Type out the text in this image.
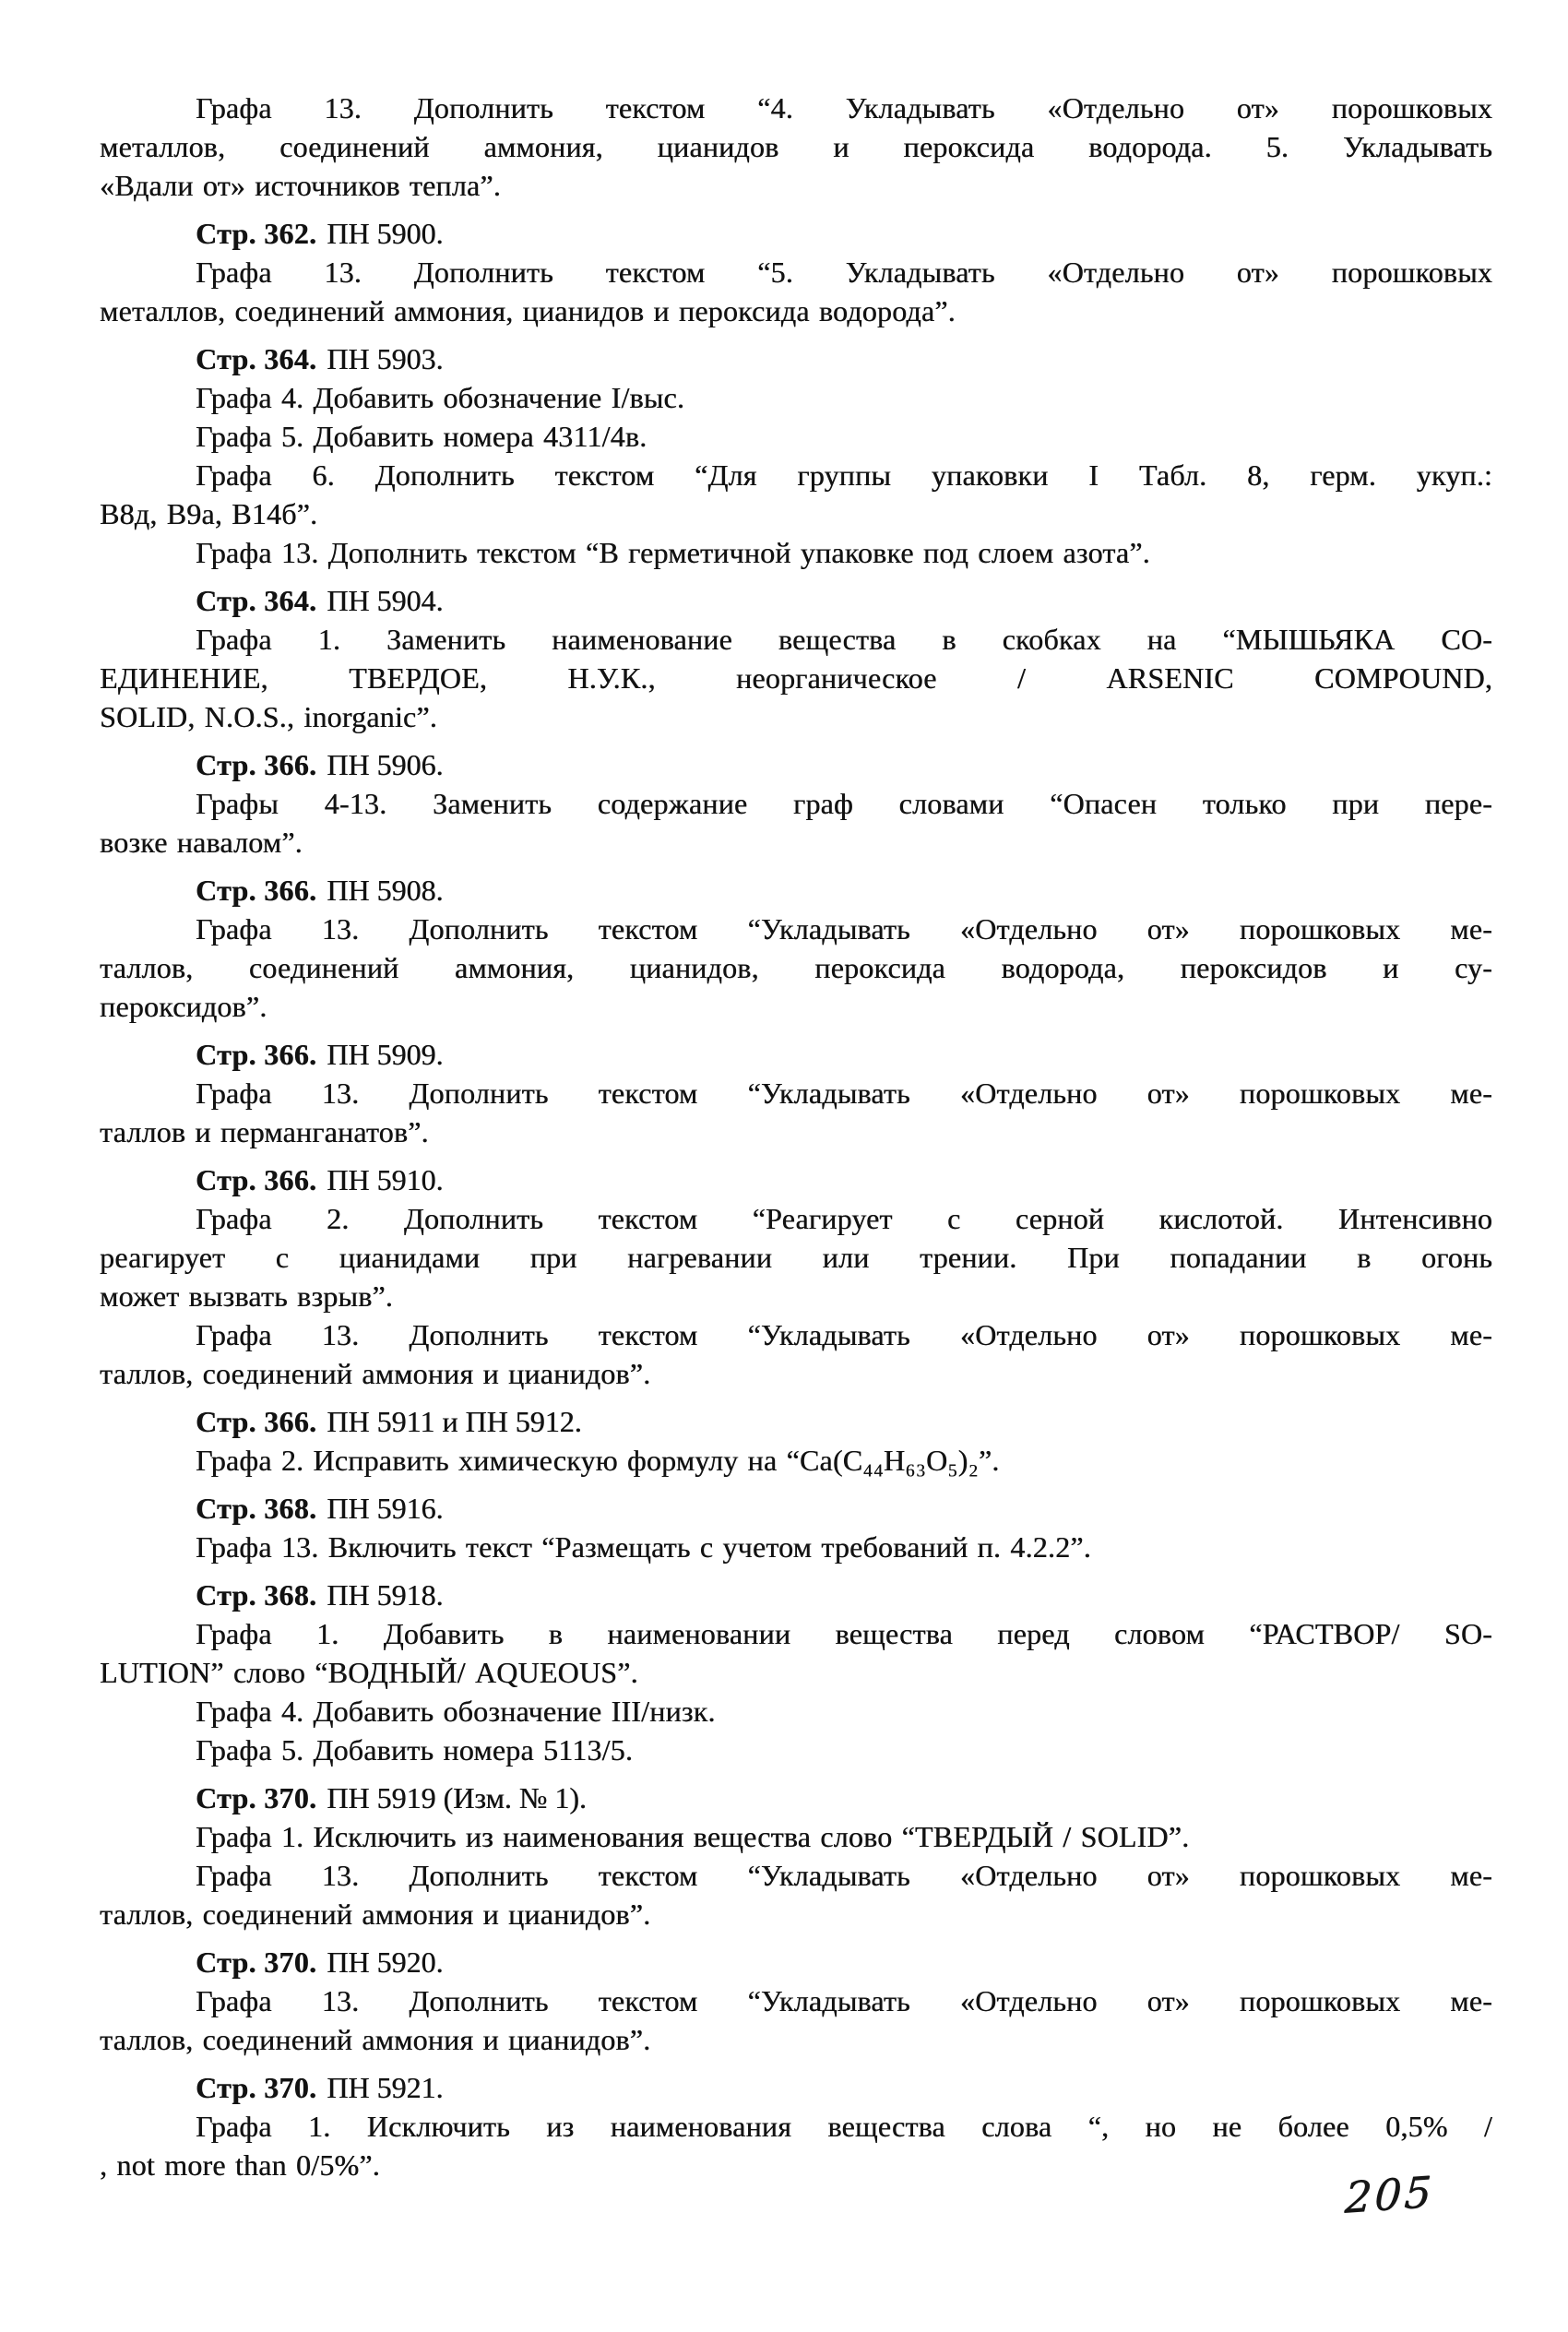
Графа 13. Дополнить текстом “4. Укладывать «Отдельно от» порошковых
металлов, соединений аммония, цианидов и пероксида водорода. 5. Укладывать
«Вдали от» источников тепла”.
Стр. 362. ПН 5900.
Графа 13. Дополнить текстом “5. Укладывать «Отдельно от» порошковых
металлов, соединений аммония, цианидов и пероксида водорода”.
Стр. 364. ПН 5903.
Графа 4. Добавить обозначение I/выс.
Графа 5. Добавить номера 4311/4в.
Графа 6. Дополнить текстом “Для группы упаковки I Табл. 8, герм. укуп.:
В8д, В9а, В14б”.
Графа 13. Дополнить текстом “В герметичной упаковке под слоем азота”.
Стр. 364. ПН 5904.
Графа 1. Заменить наименование вещества в скобках на “МЫШЬЯКА СО-
ЕДИНЕНИЕ, ТВЕРДОЕ, Н.У.К., неорганическое / ARSENIC COMPOUND,
SOLID, N.O.S., inorganic”.
Стр. 366. ПН 5906.
Графы 4-13. Заменить содержание граф словами “Опасен только при пере-
возке навалом”.
Стр. 366. ПН 5908.
Графа 13. Дополнить текстом “Укладывать «Отдельно от» порошковых ме-
таллов, соединений аммония, цианидов, пероксида водорода, пероксидов и су-
пероксидов”.
Стр. 366. ПН 5909.
Графа 13. Дополнить текстом “Укладывать «Отдельно от» порошковых ме-
таллов и перманганатов”.
Стр. 366. ПН 5910.
Графа 2. Дополнить текстом “Реагирует с серной кислотой. Интенсивно
реагирует с цианидами при нагревании или трении. При попадании в огонь
может вызвать взрыв”.
Графа 13. Дополнить текстом “Укладывать «Отдельно от» порошковых ме-
таллов, соединений аммония и цианидов”.
Стр. 366. ПН 5911 и ПН 5912.
Графа 2. Исправить химическую формулу на “Ca(C₄₄H₆₃O₅)₂”.
Стр. 368. ПН 5916.
Графа 13. Включить текст “Размещать с учетом требований п. 4.2.2”.
Стр. 368. ПН 5918.
Графа 1. Добавить в наименовании вещества перед словом “РАСТВОР/ SO-
LUTION” слово “ВОДНЫЙ/ AQUEOUS”.
Графа 4. Добавить обозначение III/низк.
Графа 5. Добавить номера 5113/5.
Стр. 370. ПН 5919 (Изм. № 1).
Графа 1. Исключить из наименования вещества слово “ТВЕРДЫЙ / SOLID”.
Графа 13. Дополнить текстом “Укладывать «Отдельно от» порошковых ме-
таллов, соединений аммония и цианидов”.
Стр. 370. ПН 5920.
Графа 13. Дополнить текстом “Укладывать «Отдельно от» порошковых ме-
таллов, соединений аммония и цианидов”.
Стр. 370. ПН 5921.
Графа 1. Исключить из наименования вещества слова “, но не более 0,5% /
, not more than 0/5%”.
205
